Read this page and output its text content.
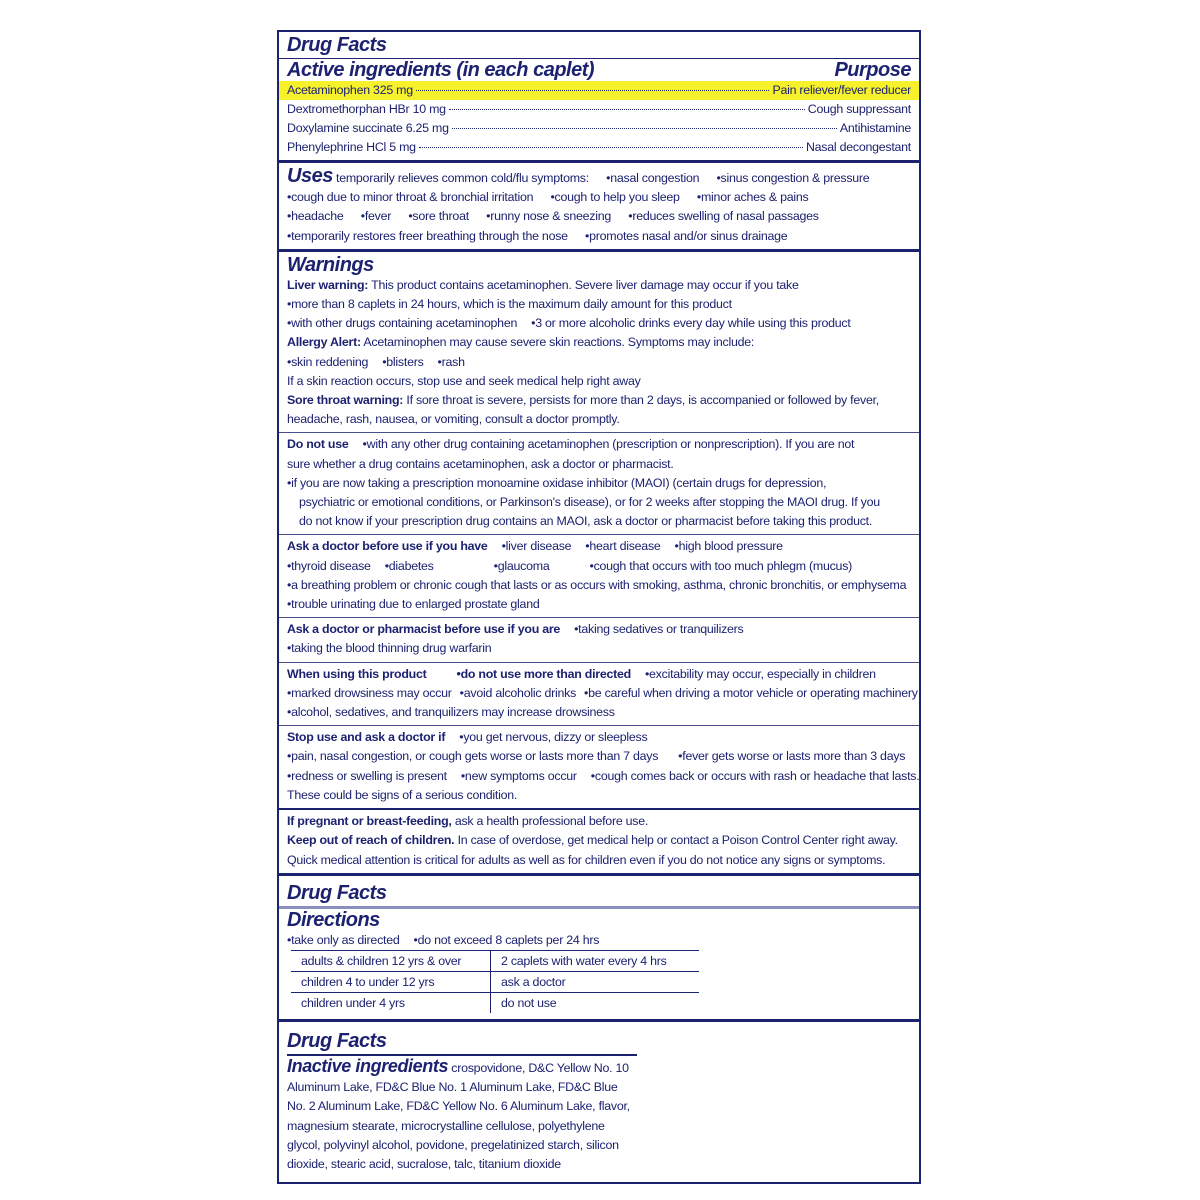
Drug Facts
Active ingredients (in each caplet)	Purpose
Acetaminophen 325 mg	Pain reliever/fever reducer
Dextromethorphan HBr 10 mg	Cough suppressant
Doxylamine succinate 6.25 mg	Antihistamine
Phenylephrine HCl 5 mg	Nasal decongestant
Uses temporarily relieves common cold/flu symptoms: • nasal congestion • sinus congestion & pressure
• cough due to minor throat & bronchial irritation • cough to help you sleep • minor aches & pains
• headache • fever • sore throat • runny nose & sneezing • reduces swelling of nasal passages
• temporarily restores freer breathing through the nose • promotes nasal and/or sinus drainage
Warnings
Liver warning: This product contains acetaminophen. Severe liver damage may occur if you take
• more than 8 caplets in 24 hours, which is the maximum daily amount for this product
• with other drugs containing acetaminophen • 3 or more alcoholic drinks every day while using this product
Allergy Alert: Acetaminophen may cause severe skin reactions. Symptoms may include:
• skin reddening • blisters • rash
If a skin reaction occurs, stop use and seek medical help right away
Sore throat warning: If sore throat is severe, persists for more than 2 days, is accompanied or followed by fever,
headache, rash, nausea, or vomiting, consult a doctor promptly.
Do not use • with any other drug containing acetaminophen (prescription or nonprescription). If you are not
sure whether a drug contains acetaminophen, ask a doctor or pharmacist.
• if you are now taking a prescription monoamine oxidase inhibitor (MAOI) (certain drugs for depression,
psychiatric or emotional conditions, or Parkinson's disease), or for 2 weeks after stopping the MAOI drug. If you
do not know if your prescription drug contains an MAOI, ask a doctor or pharmacist before taking this product.
Ask a doctor before use if you have • liver disease • heart disease • high blood pressure
• thyroid disease • diabetes	• glaucoma	• cough that occurs with too much phlegm (mucus)
• a breathing problem or chronic cough that lasts or as occurs with smoking, asthma, chronic bronchitis, or emphysema
• trouble urinating due to enlarged prostate gland
Ask a doctor or pharmacist before use if you are • taking sedatives or tranquilizers
• taking the blood thinning drug warfarin
When using this product	• do not use more than directed • excitability may occur, especially in children
• marked drowsiness may occur • avoid alcoholic drinks • be careful when driving a motor vehicle or operating machinery
• alcohol, sedatives, and tranquilizers may increase drowsiness
Stop use and ask a doctor if • you get nervous, dizzy or sleepless
• pain, nasal congestion, or cough gets worse or lasts more than 7 days • fever gets worse or lasts more than 3 days
• redness or swelling is present • new symptoms occur • cough comes back or occurs with rash or headache that lasts.
These could be signs of a serious condition.
If pregnant or breast-feeding, ask a health professional before use.
Keep out of reach of children. In case of overdose, get medical help or contact a Poison Control Center right away.
Quick medical attention is critical for adults as well as for children even if you do not notice any signs or symptoms.
Drug Facts
Directions
• take only as directed • do not exceed 8 caplets per 24 hrs
adults & children 12 yrs & over	2 caplets with water every 4 hrs
children 4 to under 12 yrs	ask a doctor
children under 4 yrs	do not use
Drug Facts
Inactive ingredients crospovidone, D&C Yellow No. 10 Aluminum Lake, FD&C Blue No. 1 Aluminum Lake, FD&C Blue No. 2 Aluminum Lake, FD&C Yellow No. 6 Aluminum Lake, flavor, magnesium stearate, microcrystalline cellulose, polyethylene glycol, polyvinyl alcohol, povidone, pregelatinized starch, silicon dioxide, stearic acid, sucralose, talc, titanium dioxide
